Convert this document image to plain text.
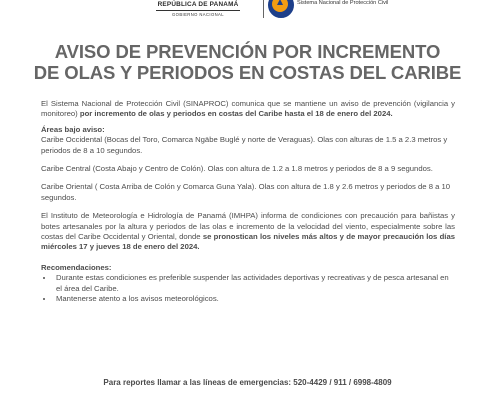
REPÚBLICA DE PANAMÁ
GOBIERNO NACIONAL
Sistema Nacional de Protección Civil
AVISO DE PREVENCIÓN POR INCREMENTO
DE OLAS Y PERIODOS EN COSTAS DEL CARIBE

El Sistema Nacional de Protección Civil (SINAPROC) comunica que se mantiene un aviso de prevención (vigilancia y monitoreo) por incremento de olas y periodos en costas del Caribe hasta el 18 de enero del 2024.

Áreas bajo aviso:

Caribe Occidental (Bocas del Toro, Comarca Ngäbe Buglé y norte de Veraguas). Olas con alturas de 1.5 a 2.3 metros y periodos de 8 a 10 segundos.

Caribe Central (Costa Abajo y Centro de Colón). Olas con altura de 1.2 a 1.8 metros y periodos de 8 a 9 segundos.

Caribe Oriental ( Costa Arriba de Colón y Comarca Guna Yala). Olas con altura de 1.8 y 2.6 metros y periodos de 8 a 10 segundos.

El Instituto de Meteorología e Hidrología de Panamá (IMHPA) informa de condiciones con precaución para bañistas y botes artesanales por la altura y periodos de las olas e incremento de la velocidad del viento, especialmente sobre las costas del Caribe Occidental y Oriental, donde se pronostican los niveles más altos y de mayor precaución los días miércoles 17 y jueves 18 de enero del 2024.

Recomendaciones:

• Durante estas condiciones es preferible suspender las actividades deportivas y recreativas y de pesca artesanal en el área del Caribe.
• Mantenerse atento a los avisos meteorológicos.
Para reportes llamar a las líneas de emergencias: 520-4429 / 911 / 6998-4809
